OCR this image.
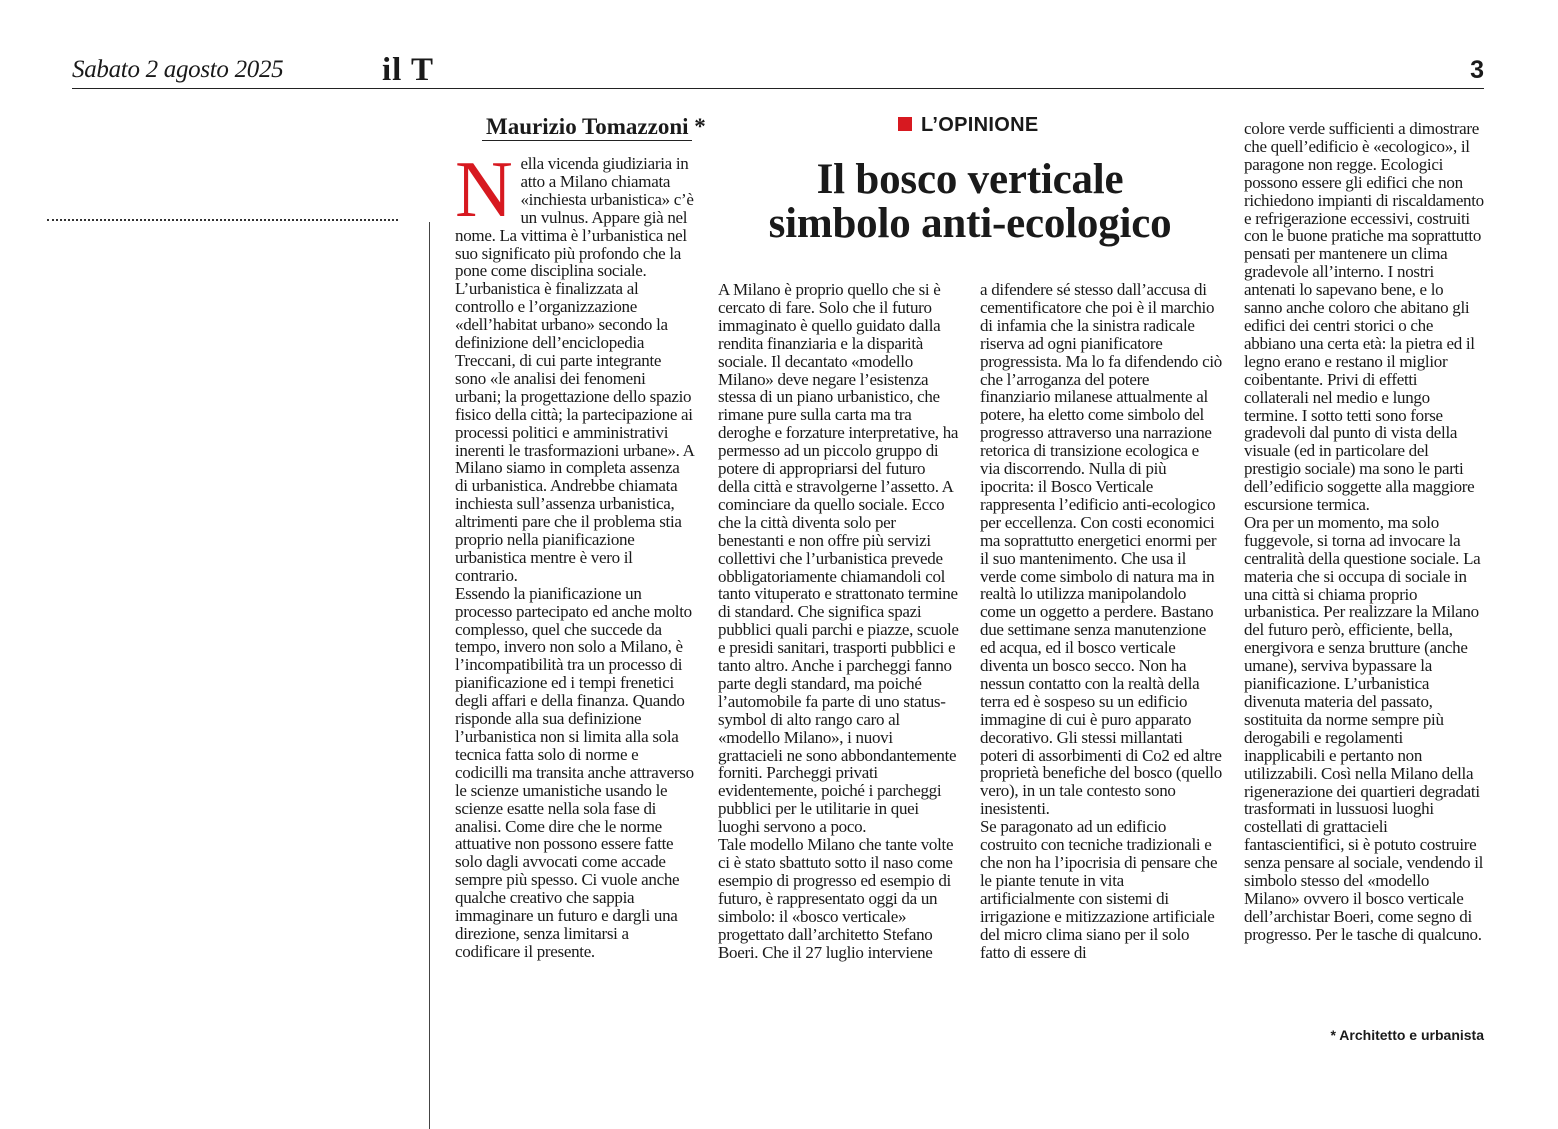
Sabato 2 agosto 2025	il T	3
Maurizio Tomazzoni *	L’OPINIONE
Il bosco verticale
simbolo anti-ecologico

Nella vicenda giudiziaria in atto a Milano chiamata «inchiesta urbanistica» c’è un vulnus. Appare già nel nome. La vittima è l’urbanistica nel suo significato più profondo che la pone come disciplina sociale. L’urbanistica è finalizzata al controllo e l’organizzazione «dell’habitat urbano» secondo la definizione dell’enciclopedia Treccani, di cui parte integrante sono «le analisi dei fenomeni urbani; la progettazione dello spazio fisico della città; la partecipazione ai processi politici e amministrativi inerenti le trasformazioni urbane». A Milano siamo in completa assenza di urbanistica. Andrebbe chiamata inchiesta sull’assenza urbanistica, altrimenti pare che il problema stia proprio nella pianificazione urbanistica mentre è vero il contrario.

Essendo la pianificazione un processo partecipato ed anche molto complesso, quel che succede da tempo, invero non solo a Milano, è l’incompatibilità tra un processo di pianificazione ed i tempi frenetici degli affari e della finanza. Quando risponde alla sua definizione l’urbanistica non si limita alla sola tecnica fatta solo di norme e codicilli ma transita anche attraverso le scienze umanistiche usando le scienze esatte nella sola fase di analisi. Come dire che le norme attuative non possono essere fatte solo dagli avvocati come accade sempre più spesso. Ci vuole anche qualche creativo che sappia immaginare un futuro e dargli una direzione, senza limitarsi a codificare il presente.

A Milano è proprio quello che si è cercato di fare. Solo che il futuro immaginato è quello guidato dalla rendita finanziaria e la disparità sociale. Il decantato «modello Milano» deve negare l’esistenza stessa di un piano urbanistico, che rimane pure sulla carta ma tra deroghe e forzature interpretative, ha permesso ad un piccolo gruppo di potere di appropriarsi del futuro della città e stravolgerne l’assetto. A cominciare da quello sociale. Ecco che la città diventa solo per benestanti e non offre più servizi collettivi che l’urbanistica prevede obbligatoriamente chiamandoli col tanto vituperato e strattonato termine di standard. Che significa spazi pubblici quali parchi e piazze, scuole e presidi sanitari, trasporti pubblici e tanto altro. Anche i parcheggi fanno parte degli standard, ma poiché l’automobile fa parte di uno status-symbol di alto rango caro al «modello Milano», i nuovi grattacieli ne sono abbondantemente forniti. Parcheggi privati evidentemente, poiché i parcheggi pubblici per le utilitarie in quei luoghi servono a poco.

Tale modello Milano che tante volte ci è stato sbattuto sotto il naso come esempio di progresso ed esempio di futuro, è rappresentato oggi da un simbolo: il «bosco verticale» progettato dall’architetto Stefano Boeri. Che il 27 luglio interviene

a difendere sé stesso dall’accusa di cementificatore che poi è il marchio di infamia che la sinistra radicale riserva ad ogni pianificatore progressista. Ma lo fa difendendo ciò che l’arroganza del potere finanziario milanese attualmente al potere, ha eletto come simbolo del progresso attraverso una narrazione retorica di transizione ecologica e via discorrendo. Nulla di più ipocrita: il Bosco Verticale rappresenta l’edificio anti-ecologico per eccellenza. Con costi economici ma soprattutto energetici enormi per il suo mantenimento. Che usa il verde come simbolo di natura ma in realtà lo utilizza manipolandolo come un oggetto a perdere. Bastano due settimane senza manutenzione ed acqua, ed il bosco verticale diventa un bosco secco. Non ha nessun contatto con la realtà della terra ed è sospeso su un edificio immagine di cui è puro apparato decorativo. Gli stessi millantati poteri di assorbimenti di Co2 ed altre proprietà benefiche del bosco (quello vero), in un tale contesto sono inesistenti.

Se paragonato ad un edificio costruito con tecniche tradizionali e che non ha l’ipocrisia di pensare che le piante tenute in vita artificialmente con sistemi di irrigazione e mitizzazione artificiale del micro clima siano per il solo fatto di essere di

colore verde sufficienti a dimostrare che quell’edificio è «ecologico», il paragone non regge. Ecologici possono essere gli edifici che non richiedono impianti di riscaldamento e refrigerazione eccessivi, costruiti con le buone pratiche ma soprattutto pensati per mantenere un clima gradevole all’interno. I nostri antenati lo sapevano bene, e lo sanno anche coloro che abitano gli edifici dei centri storici o che abbiano una certa età: la pietra ed il legno erano e restano il miglior coibentante. Privi di effetti collaterali nel medio e lungo termine. I sotto tetti sono forse gradevoli dal punto di vista della visuale (ed in particolare del prestigio sociale) ma sono le parti dell’edificio soggette alla maggiore escursione termica.

Ora per un momento, ma solo fuggevole, si torna ad invocare la centralità della questione sociale. La materia che si occupa di sociale in una città si chiama proprio urbanistica. Per realizzare la Milano del futuro però, efficiente, bella, energivora e senza brutture (anche umane), serviva bypassare la pianificazione. L’urbanistica divenuta materia del passato, sostituita da norme sempre più derogabili e regolamenti inapplicabili e pertanto non utilizzabili. Così nella Milano della rigenerazione dei quartieri degradati trasformati in lussuosi luoghi costellati di grattacieli fantascientifici, si è potuto costruire senza pensare al sociale, vendendo il simbolo stesso del «modello Milano» ovvero il bosco verticale dell’archistar Boeri, come segno di progresso. Per le tasche di qualcuno.

* Architetto e urbanista
